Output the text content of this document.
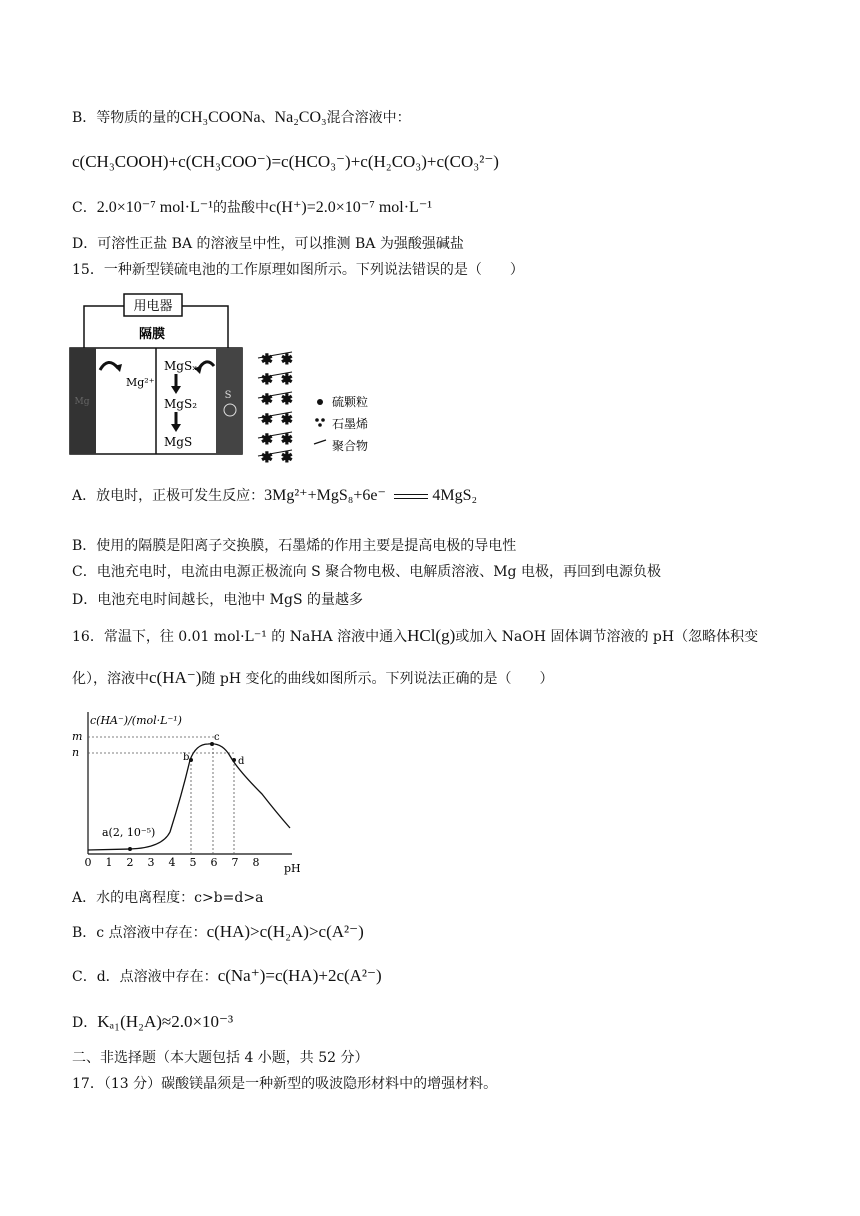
B．等物质的量的CH₃COONa、Na₂CO₃混合溶液中：
c(CH₃COOH)+c(CH₃COO⁻)=c(HCO₃⁻)+c(H₂CO₃)+c(CO₃²⁻)
C．2.0×10⁻⁷ mol·L⁻¹的盐酸中c(H⁺)=2.0×10⁻⁷ mol·L⁻¹
D．可溶性正盐 BA 的溶液呈中性，可以推测 BA 为强酸强碱盐
15．一种新型镁硫电池的工作原理如图所示。下列说法错误的是（　　）
用电器
隔膜
Mg
S
Mg²⁺
MgSₓ
MgS₂
MgS
✱ ✱
✱ ✱
✱ ✱
✱ ✱
✱ ✱
✱ ✱
硫颗粒
石墨烯
聚合物
A．放电时，正极可发生反应：3Mg²⁺+MgS₈+6e⁻	4MgS₂
B．使用的隔膜是阳离子交换膜，石墨烯的作用主要是提高电极的导电性
C．电池充电时，电流由电源正极流向 S 聚合物电极、电解质溶液、Mg 电极，再回到电源负极
D．电池充电时间越长，电池中 MgS 的量越多
16．常温下，往 0.01 mol·L⁻¹ 的 NaHA 溶液中通入HCl(g)或加入 NaOH 固体调节溶液的 pH（忽略体积变
化），溶液中c(HA⁻)随 pH 变化的曲线如图所示。下列说法正确的是（　　）
c(HA⁻)/(mol·L⁻¹)
m
n
a(2, 10⁻⁵)
b
c
d
0 1 2 3 4 5 6 7 8 pH
A．水的电离程度：c>b=d>a
B．c 点溶液中存在：c(HA)>c(H₂A)>c(A²⁻)
C．d．点溶液中存在：c(Na⁺)=c(HA)+2c(A²⁻)
D．Kₐ₁(H₂A)≈2.0×10⁻³
二、非选择题（本大题包括 4 小题，共 52 分）
17．（13 分）碳酸镁晶须是一种新型的吸波隐形材料中的增强材料。
